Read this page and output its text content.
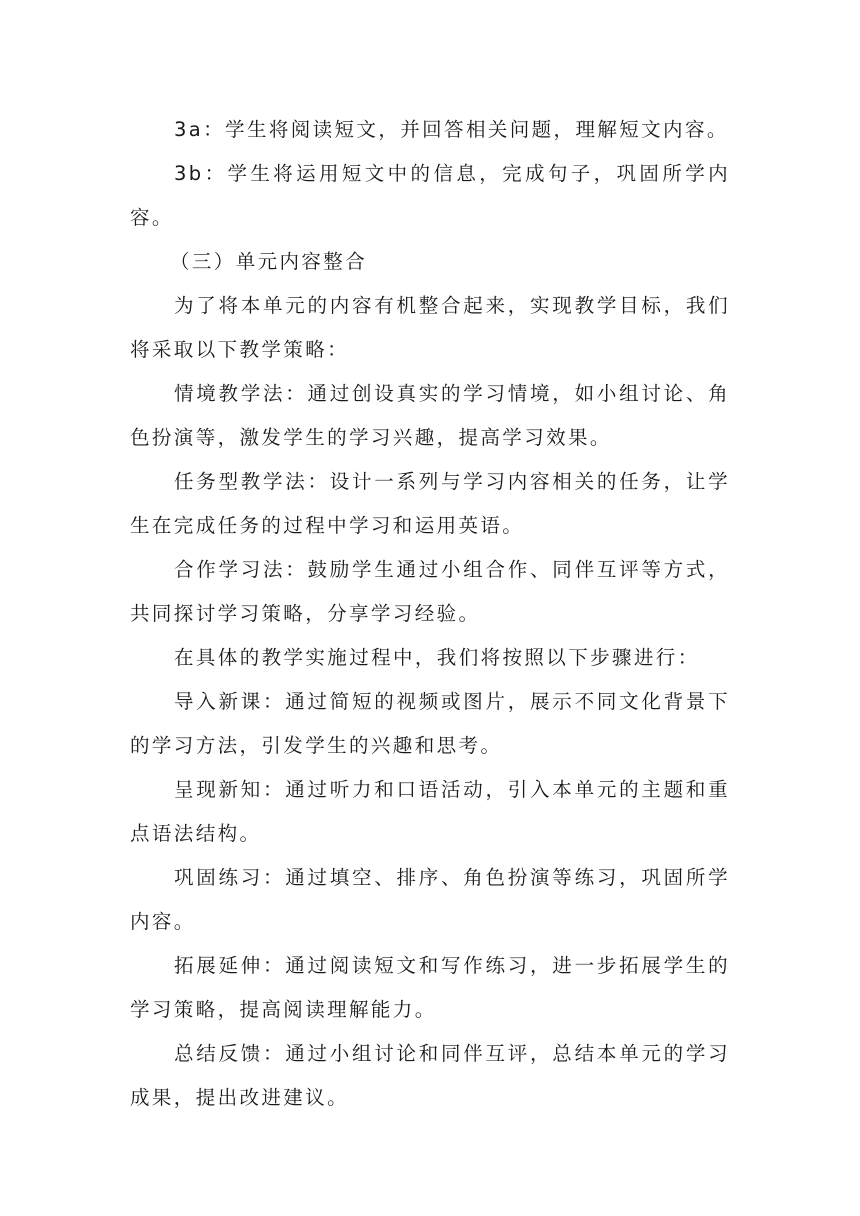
3a：学生将阅读短文，并回答相关问题，理解短文内容。

3b：学生将运用短文中的信息，完成句子，巩固所学内容。

（三）单元内容整合

为了将本单元的内容有机整合起来，实现教学目标，我们将采取以下教学策略：

情境教学法：通过创设真实的学习情境，如小组讨论、角色扮演等，激发学生的学习兴趣，提高学习效果。

任务型教学法：设计一系列与学习内容相关的任务，让学生在完成任务的过程中学习和运用英语。

合作学习法：鼓励学生通过小组合作、同伴互评等方式，共同探讨学习策略，分享学习经验。

在具体的教学实施过程中，我们将按照以下步骤进行：

导入新课：通过简短的视频或图片，展示不同文化背景下的学习方法，引发学生的兴趣和思考。

呈现新知：通过听力和口语活动，引入本单元的主题和重点语法结构。

巩固练习：通过填空、排序、角色扮演等练习，巩固所学内容。

拓展延伸：通过阅读短文和写作练习，进一步拓展学生的学习策略，提高阅读理解能力。

总结反馈：通过小组讨论和同伴互评，总结本单元的学习成果，提出改进建议。
